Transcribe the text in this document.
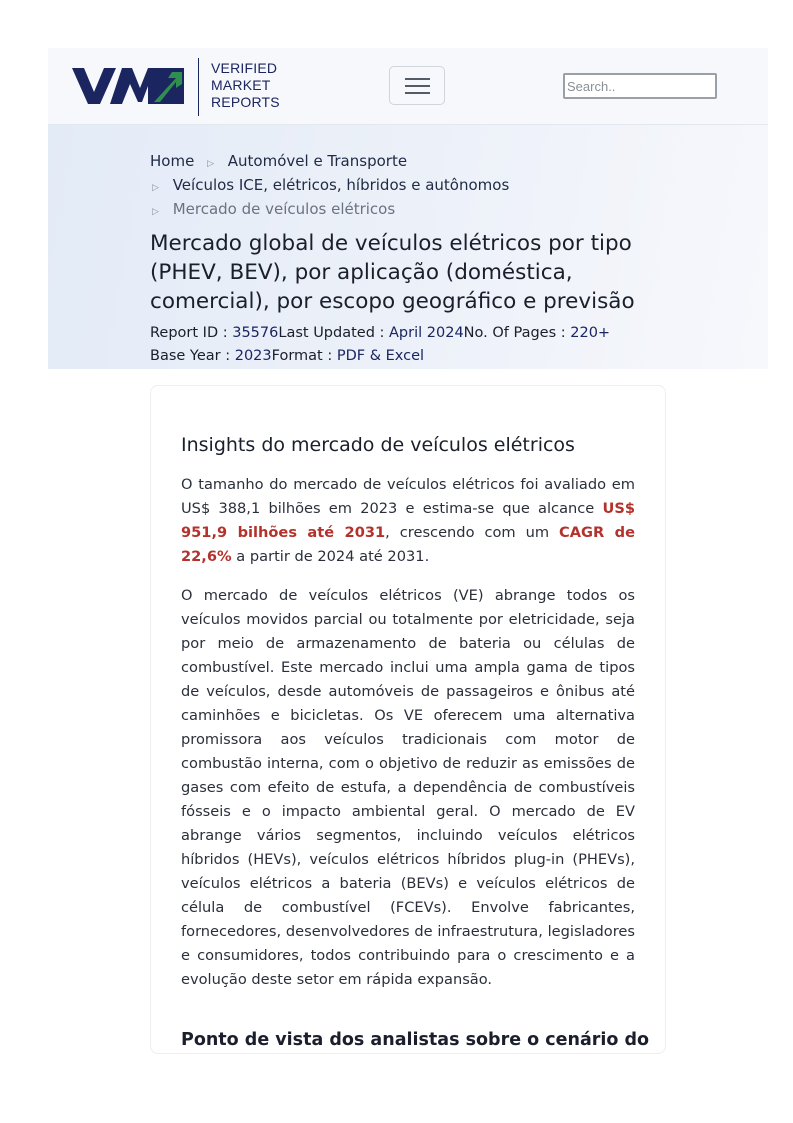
VERIFIED
MARKET
REPORTS
Search..
Home ▷ Automóvel e Transporte
▷ Veículos ICE, elétricos, híbridos e autônomos
▷ Mercado de veículos elétricos
Mercado global de veículos elétricos por tipo (PHEV, BEV), por aplicação (doméstica, comercial), por escopo geográfico e previsão
Report ID : 35576Last Updated : April 2024No. Of Pages : 220+
Base Year : 2023Format : PDF & Excel
Insights do mercado de veículos elétricos

O tamanho do mercado de veículos elétricos foi avaliado em US$ 388,1 bilhões em 2023 e estima-se que alcance US$ 951,9 bilhões até 2031, crescendo com um CAGR de 22,6% a partir de 2024 até 2031.

O mercado de veículos elétricos (VE) abrange todos os veículos movidos parcial ou totalmente por eletricidade, seja por meio de armazenamento de bateria ou células de combustível. Este mercado inclui uma ampla gama de tipos de veículos, desde automóveis de passageiros e ônibus até caminhões e bicicletas. Os VE oferecem uma alternativa promissora aos veículos tradicionais com motor de combustão interna, com o objetivo de reduzir as emissões de gases com efeito de estufa, a dependência de combustíveis fósseis e o impacto ambiental geral. O mercado de EV abrange vários segmentos, incluindo veículos elétricos híbridos (HEVs), veículos elétricos híbridos plug-in (PHEVs), veículos elétricos a bateria (BEVs) e veículos elétricos de célula de combustível (FCEVs). Envolve fabricantes, fornecedores, desenvolvedores de infraestrutura, legisladores e consumidores, todos contribuindo para o crescimento e a evolução deste setor em rápida expansão.

Ponto de vista dos analistas sobre o cenário do
